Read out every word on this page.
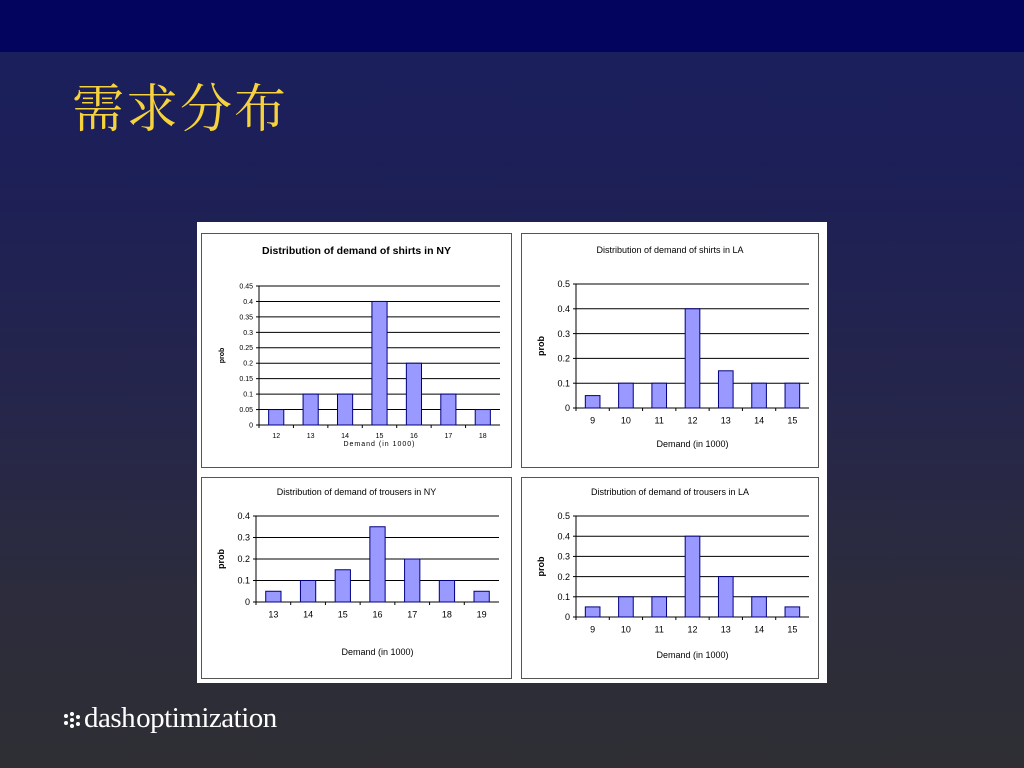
需求分布
Distribution of demand of shirts in NY
0
0.05
0.1
0.15
0.2
0.25
0.3
0.35
0.4
0.45
12	13	14	15	16	17	18
Demand (in 1000)
prob
Distribution of demand of shirts in LA
0
0.1
0.2
0.3
0.4
0.5
9	10	11	12	13	14	15
Demand (in 1000)
prob
Distribution of demand of trousers in NY
0
0.1
0.2
0.3
0.4
13	14	15	16	17	18	19
Demand (in 1000)
prob
Distribution of demand of trousers in LA
0
0.1
0.2
0.3
0.4
0.5
9	10	11	12	13	14	15
Demand (in 1000)
prob
dashoptimization
